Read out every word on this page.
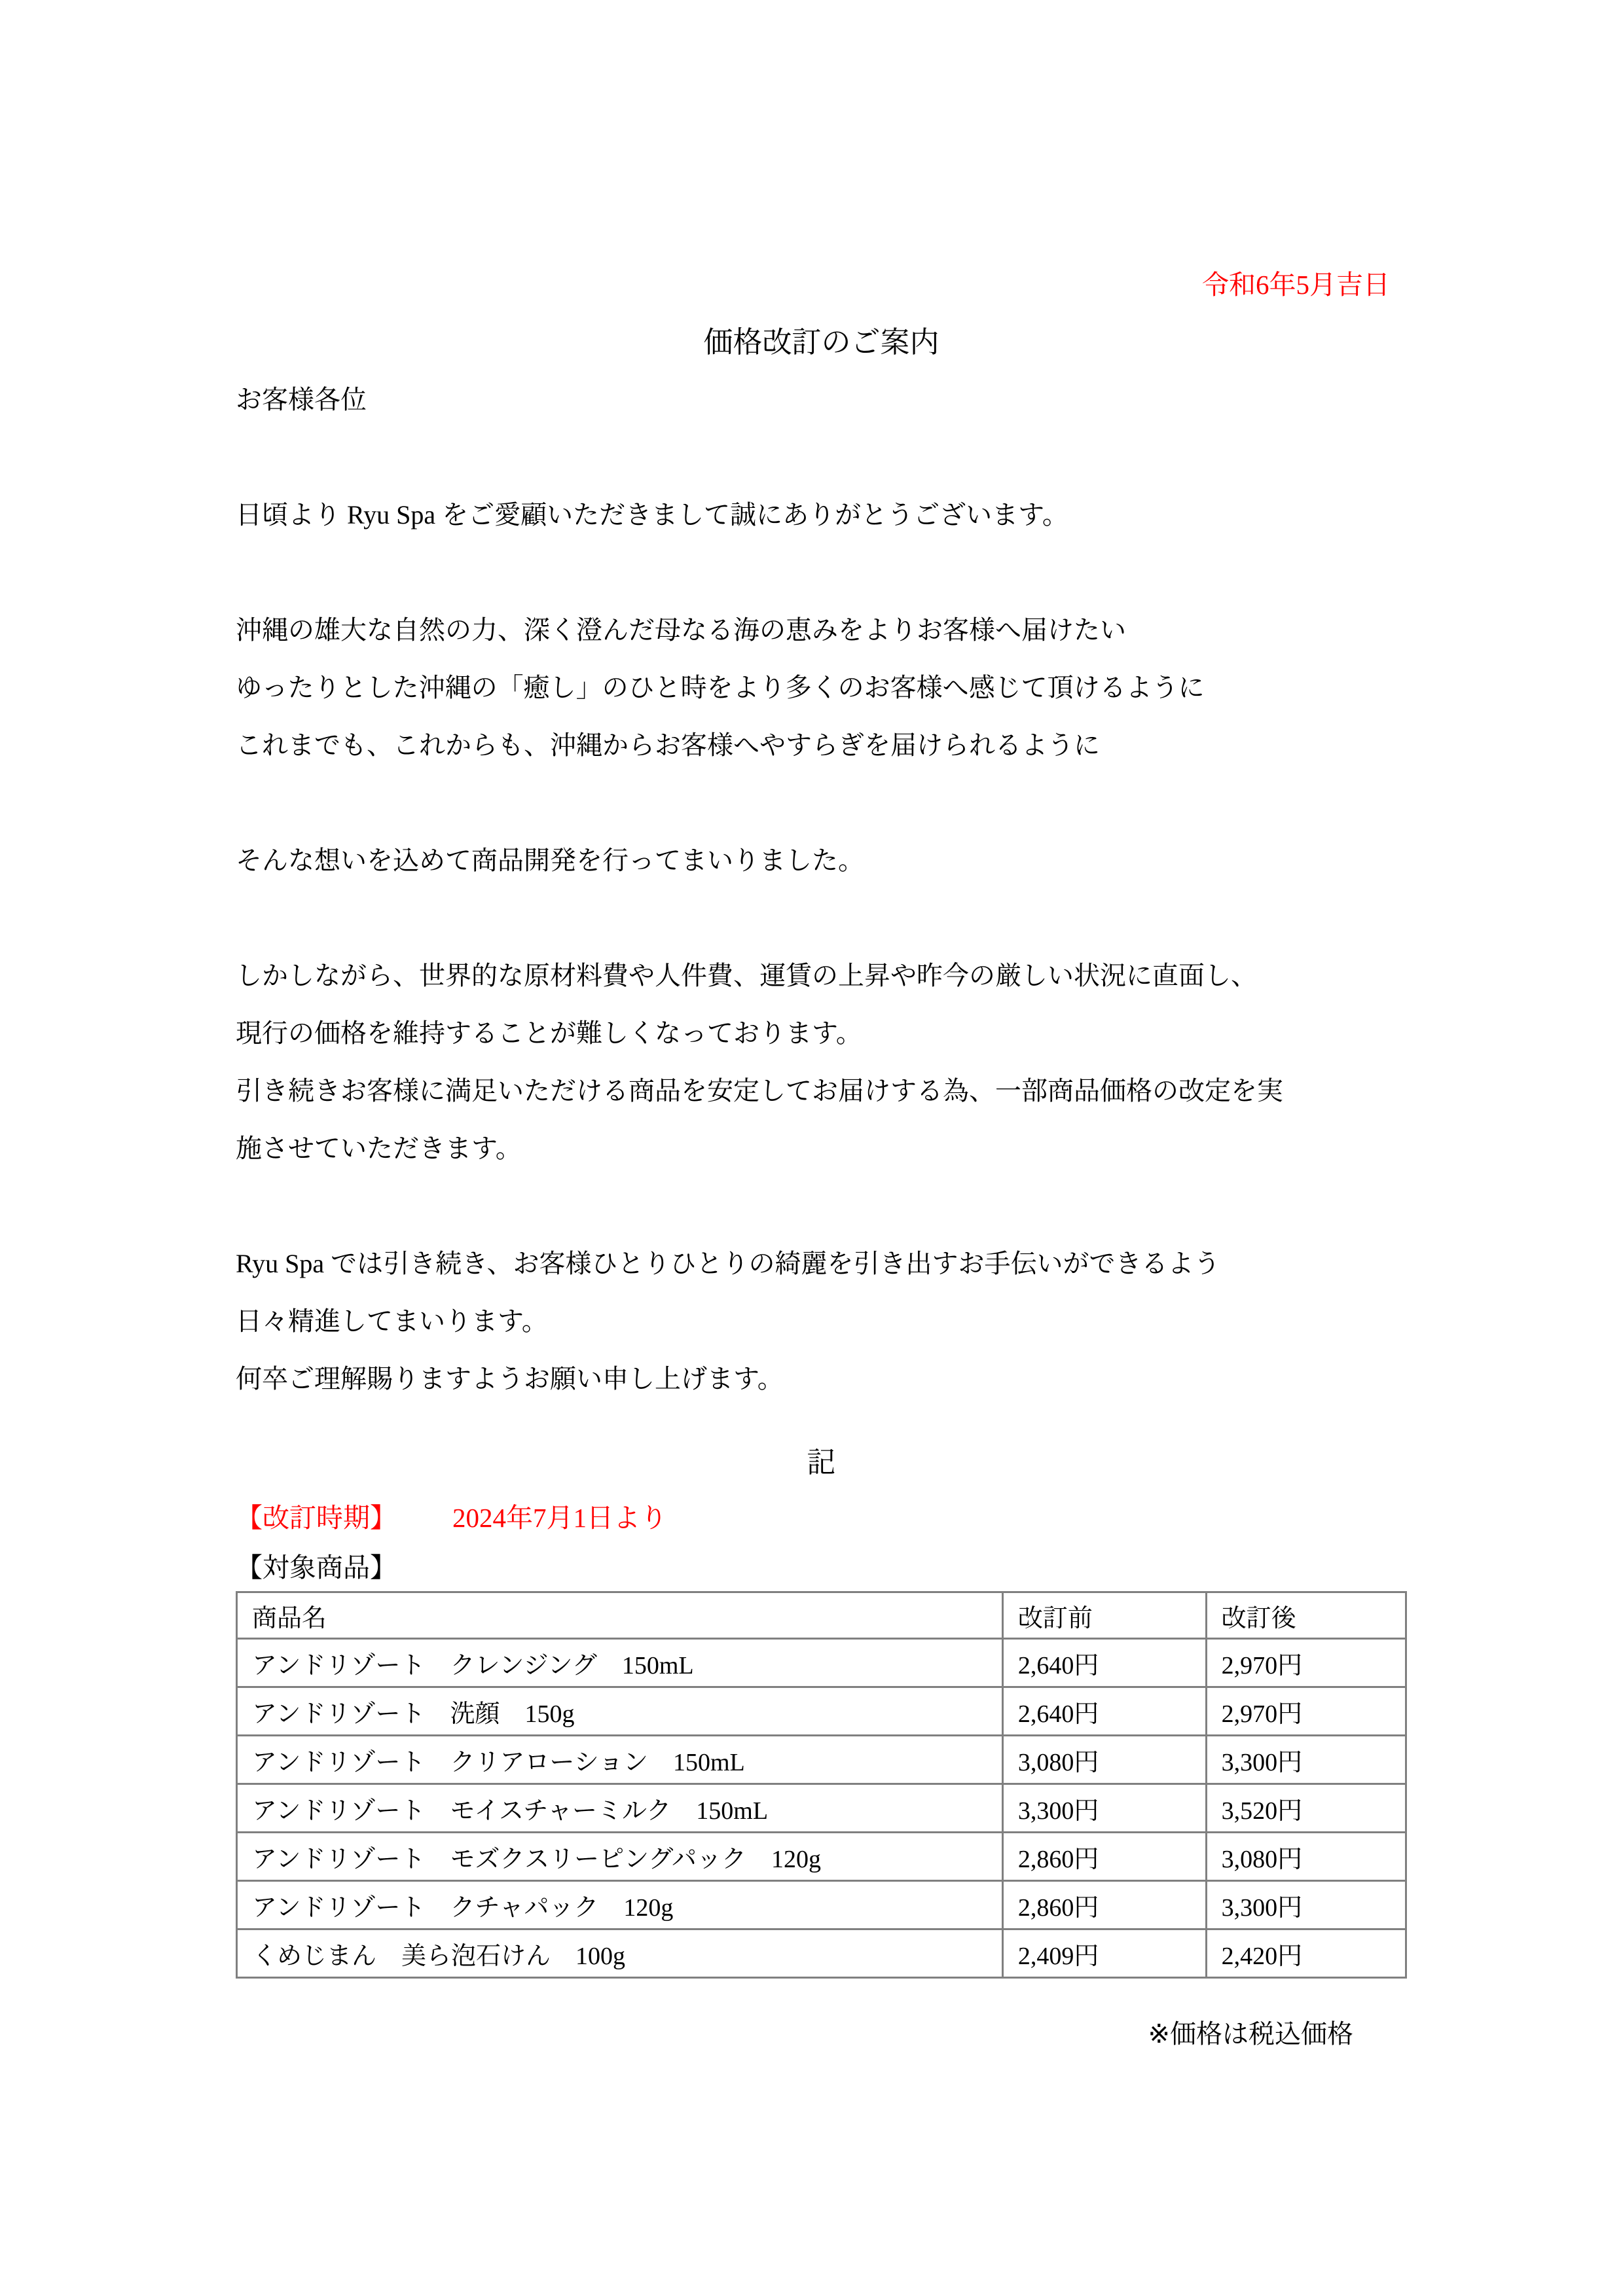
令和6年5月吉日
価格改訂のご案内
お客様各位
日頃より Ryu Spa をご愛顧いただきまして誠にありがとうございます。
沖縄の雄大な自然の力、深く澄んだ母なる海の恵みをよりお客様へ届けたい
ゆったりとした沖縄の「癒し」のひと時をより多くのお客様へ感じて頂けるように
これまでも、これからも、沖縄からお客様へやすらぎを届けられるように
そんな想いを込めて商品開発を行ってまいりました。
しかしながら、世界的な原材料費や人件費、運賃の上昇や昨今の厳しい状況に直面し、
現行の価格を維持することが難しくなっております。
引き続きお客様に満足いただける商品を安定してお届けする為、一部商品価格の改定を実
施させていただきます。
Ryu Spa では引き続き、お客様ひとりひとりの綺麗を引き出すお手伝いができるよう
日々精進してまいります。
何卒ご理解賜りますようお願い申し上げます。
記
【改訂時期】 2024年7月1日より
【対象商品】
商品名	改訂前	改訂後
アンドリゾート　クレンジング　150mL	2,640円	2,970円
アンドリゾート　洗顔　150g	2,640円	2,970円
アンドリゾート　クリアローション　150mL	3,080円	3,300円
アンドリゾート　モイスチャーミルク　150mL	3,300円	3,520円
アンドリゾート　モズクスリーピングパック　120g	2,860円	3,080円
アンドリゾート　クチャパック　120g	2,860円	3,300円
くめじまん　美ら泡石けん　100g	2,409円	2,420円
※価格は税込価格
